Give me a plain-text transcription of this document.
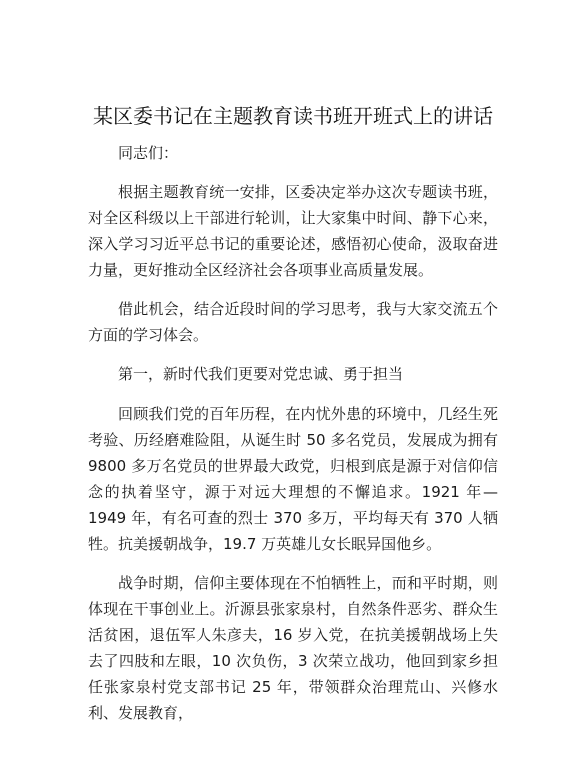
某区委书记在主题教育读书班开班式上的讲话

同志们：

根据主题教育统一安排，区委决定举办这次专题读书班，对全区科级以上干部进行轮训，让大家集中时间、静下心来，深入学习习近平总书记的重要论述，感悟初心使命，汲取奋进力量，更好推动全区经济社会各项事业高质量发展。

借此机会，结合近段时间的学习思考，我与大家交流五个方面的学习体会。

第一，新时代我们更要对党忠诚、勇于担当

回顾我们党的百年历程，在内忧外患的环境中，几经生死考验、历经磨难险阻，从诞生时 50 多名党员，发展成为拥有 9800 多万名党员的世界最大政党，归根到底是源于对信仰信念的执着坚守，源于对远大理想的不懈追求。1921 年—1949 年，有名可查的烈士 370 多万，平均每天有 370 人牺牲。抗美援朝战争，19.7 万英雄儿女长眠异国他乡。

战争时期，信仰主要体现在不怕牺牲上，而和平时期，则体现在干事创业上。沂源县张家泉村，自然条件恶劣、群众生活贫困，退伍军人朱彦夫，16 岁入党，在抗美援朝战场上失去了四肢和左眼，10 次负伤，3 次荣立战功，他回到家乡担任张家泉村党支部书记 25 年，带领群众治理荒山、兴修水利、发展教育，
